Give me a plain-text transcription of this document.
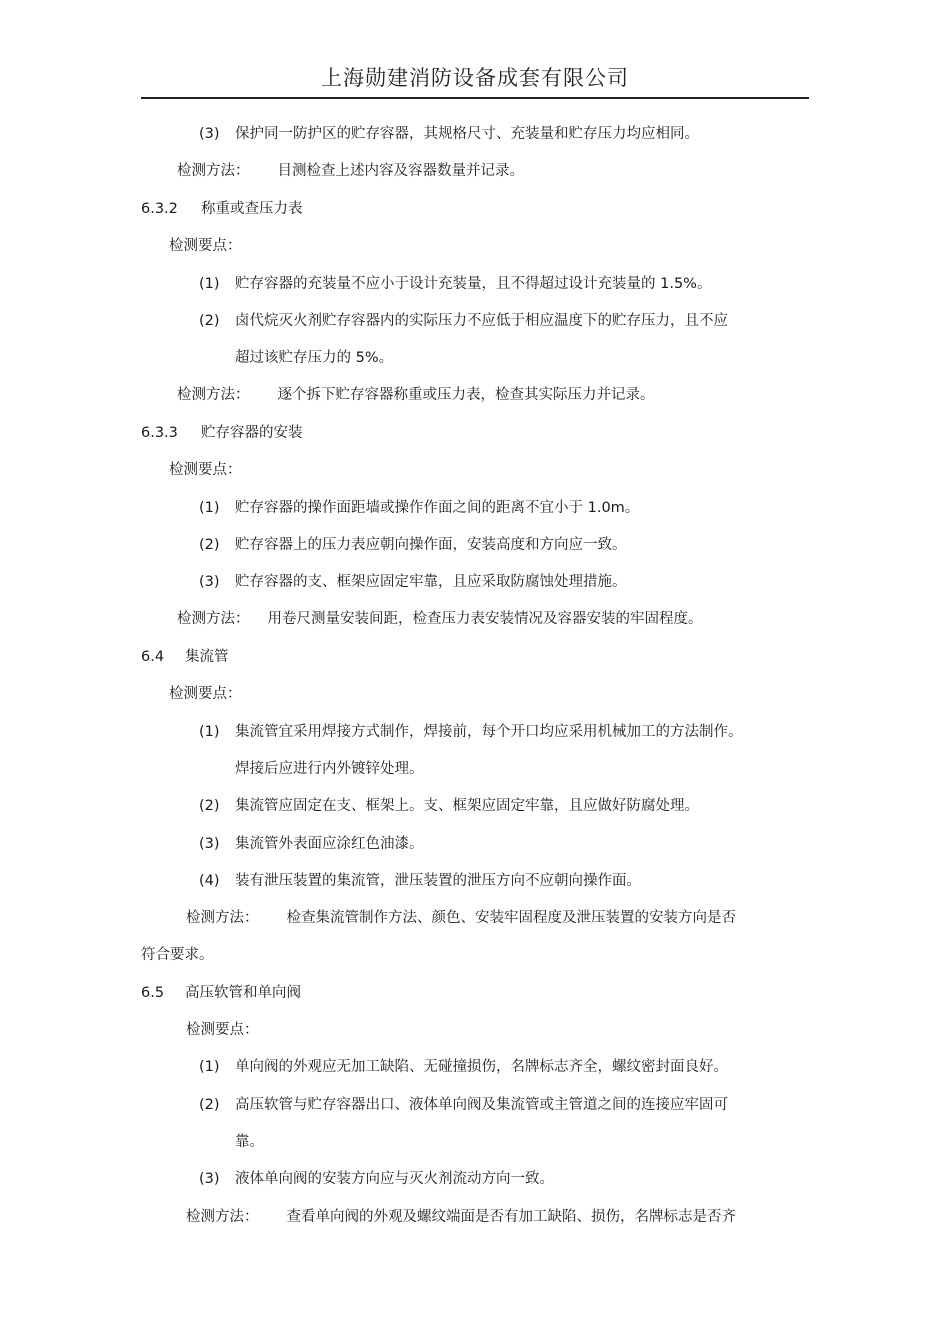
上海勋建消防设备成套有限公司
(3) 保护同一防护区的贮存容器，其规格尺寸、充装量和贮存压力均应相同。
检测方法： 目测检查上述内容及容器数量并记录。
6.3.2 称重或查压力表
检测要点：
(1) 贮存容器的充装量不应小于设计充装量，且不得超过设计充装量的 1.5%。
(2) 卤代烷灭火剂贮存容器内的实际压力不应低于相应温度下的贮存压力，且不应
超过该贮存压力的 5%。
检测方法： 逐个拆下贮存容器称重或压力表，检查其实际压力并记录。
6.3.3 贮存容器的安装
检测要点：
(1) 贮存容器的操作面距墙或操作作面之间的距离不宜小于 1.0m。
(2) 贮存容器上的压力表应朝向操作面，安装高度和方向应一致。
(3) 贮存容器的支、框架应固定牢靠，且应采取防腐蚀处理措施。
检测方法： 用卷尺测量安装间距，检查压力表安装情况及容器安装的牢固程度。
6.4 集流管
检测要点：
(1) 集流管宜采用焊接方式制作，焊接前，每个开口均应采用机械加工的方法制作。
焊接后应进行内外镀锌处理。
(2) 集流管应固定在支、框架上。支、框架应固定牢靠，且应做好防腐处理。
(3) 集流管外表面应涂红色油漆。
(4) 装有泄压装置的集流管，泄压装置的泄压方向不应朝向操作面。
检测方法： 检查集流管制作方法、颜色、安装牢固程度及泄压装置的安装方向是否
符合要求。
6.5 高压软管和单向阀
检测要点：
(1) 单向阀的外观应无加工缺陷、无碰撞损伤，名牌标志齐全，螺纹密封面良好。
(2) 高压软管与贮存容器出口、液体单向阀及集流管或主管道之间的连接应牢固可
靠。
(3) 液体单向阀的安装方向应与灭火剂流动方向一致。
检测方法： 查看单向阀的外观及螺纹端面是否有加工缺陷、损伤，名牌标志是否齐
